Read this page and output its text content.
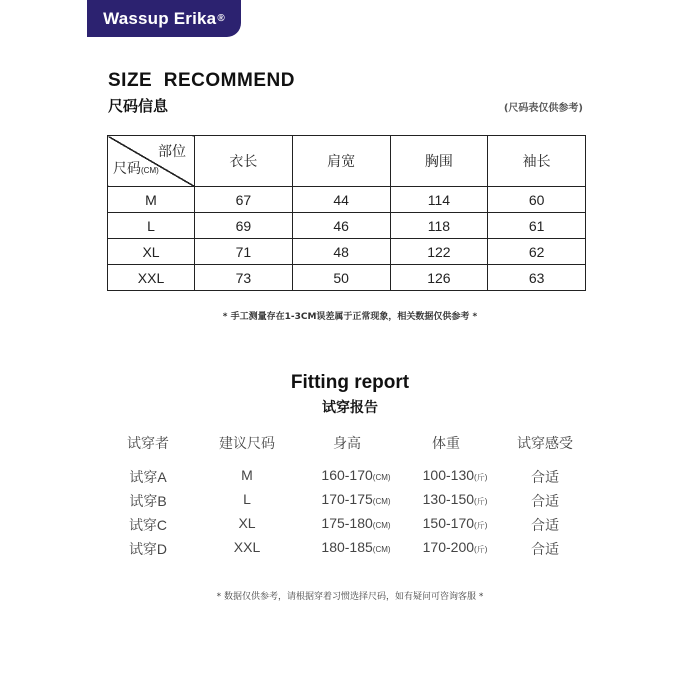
Wassup Erika ®
SIZE  RECOMMEND
尺码信息	(尺码表仅供参考)
部位
尺码(CM)	衣长	肩宽	胸围	袖长
M	67	44	114	60
L	69	46	118	61
XL	71	48	122	62
XXL	73	50	126	63
* 手工测量存在1-3CM误差属于正常现象，相关数据仅供参考 *
Fitting report
试穿报告
试穿者	建议尺码	身高	体重	试穿感受
试穿A	M	160-170(CM) 100-130(斤)	合适
试穿B	L	170-175(CM) 130-150(斤)	合适
试穿C	XL	175-180(CM) 150-170(斤)	合适
试穿D	XXL	180-185(CM) 170-200(斤)	合适
* 数据仅供参考，请根据穿着习惯选择尺码，如有疑问可咨询客服 *
